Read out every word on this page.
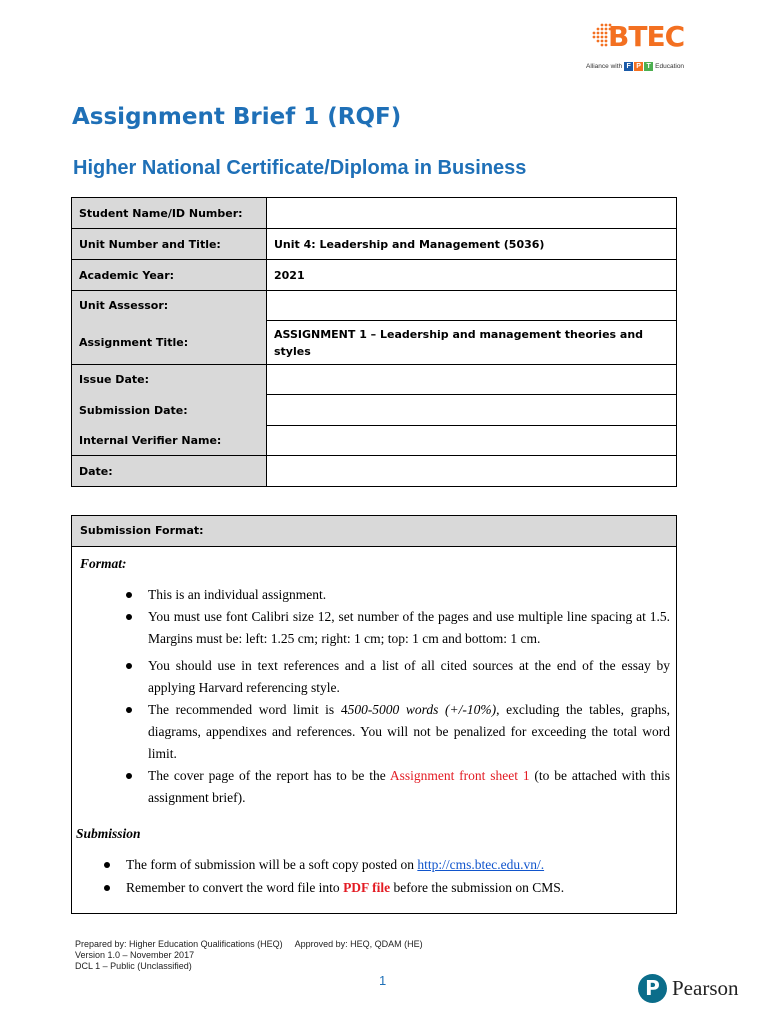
BTEC
Alliance with F P T Education
Assignment Brief 1 (RQF)
Higher National Certificate/Diploma in Business
Student Name/ID Number:	
Unit Number and Title:	Unit 4: Leadership and Management (5036)
Academic Year:	2021
Unit Assessor:	
Assignment Title:	ASSIGNMENT 1 – Leadership and management theories and styles
Issue Date:	
Submission Date:	
Internal Verifier Name:	
Date:	
Submission Format:
Format:
This is an individual assignment.
You must use font Calibri size 12, set number of the pages and use multiple line spacing at 1.5. Margins must be: left: 1.25 cm; right: 1 cm; top: 1 cm and bottom: 1 cm.
You should use in text references and a list of all cited sources at the end of the essay by applying Harvard referencing style.
The recommended word limit is 4500-5000 words (+/-10%), excluding the tables, graphs, diagrams, appendixes and references. You will not be penalized for exceeding the total word limit.
The cover page of the report has to be the Assignment front sheet 1 (to be attached with this assignment brief).
Submission
The form of submission will be a soft copy posted on http://cms.btec.edu.vn/.
Remember to convert the word file into PDF file before the submission on CMS.
Prepared by: Higher Education Qualifications (HEQ)     Approved by: HEQ, QDAM (HE)
Version 1.0 – November 2017
DCL 1 – Public (Unclassified)
1	P Pearson
